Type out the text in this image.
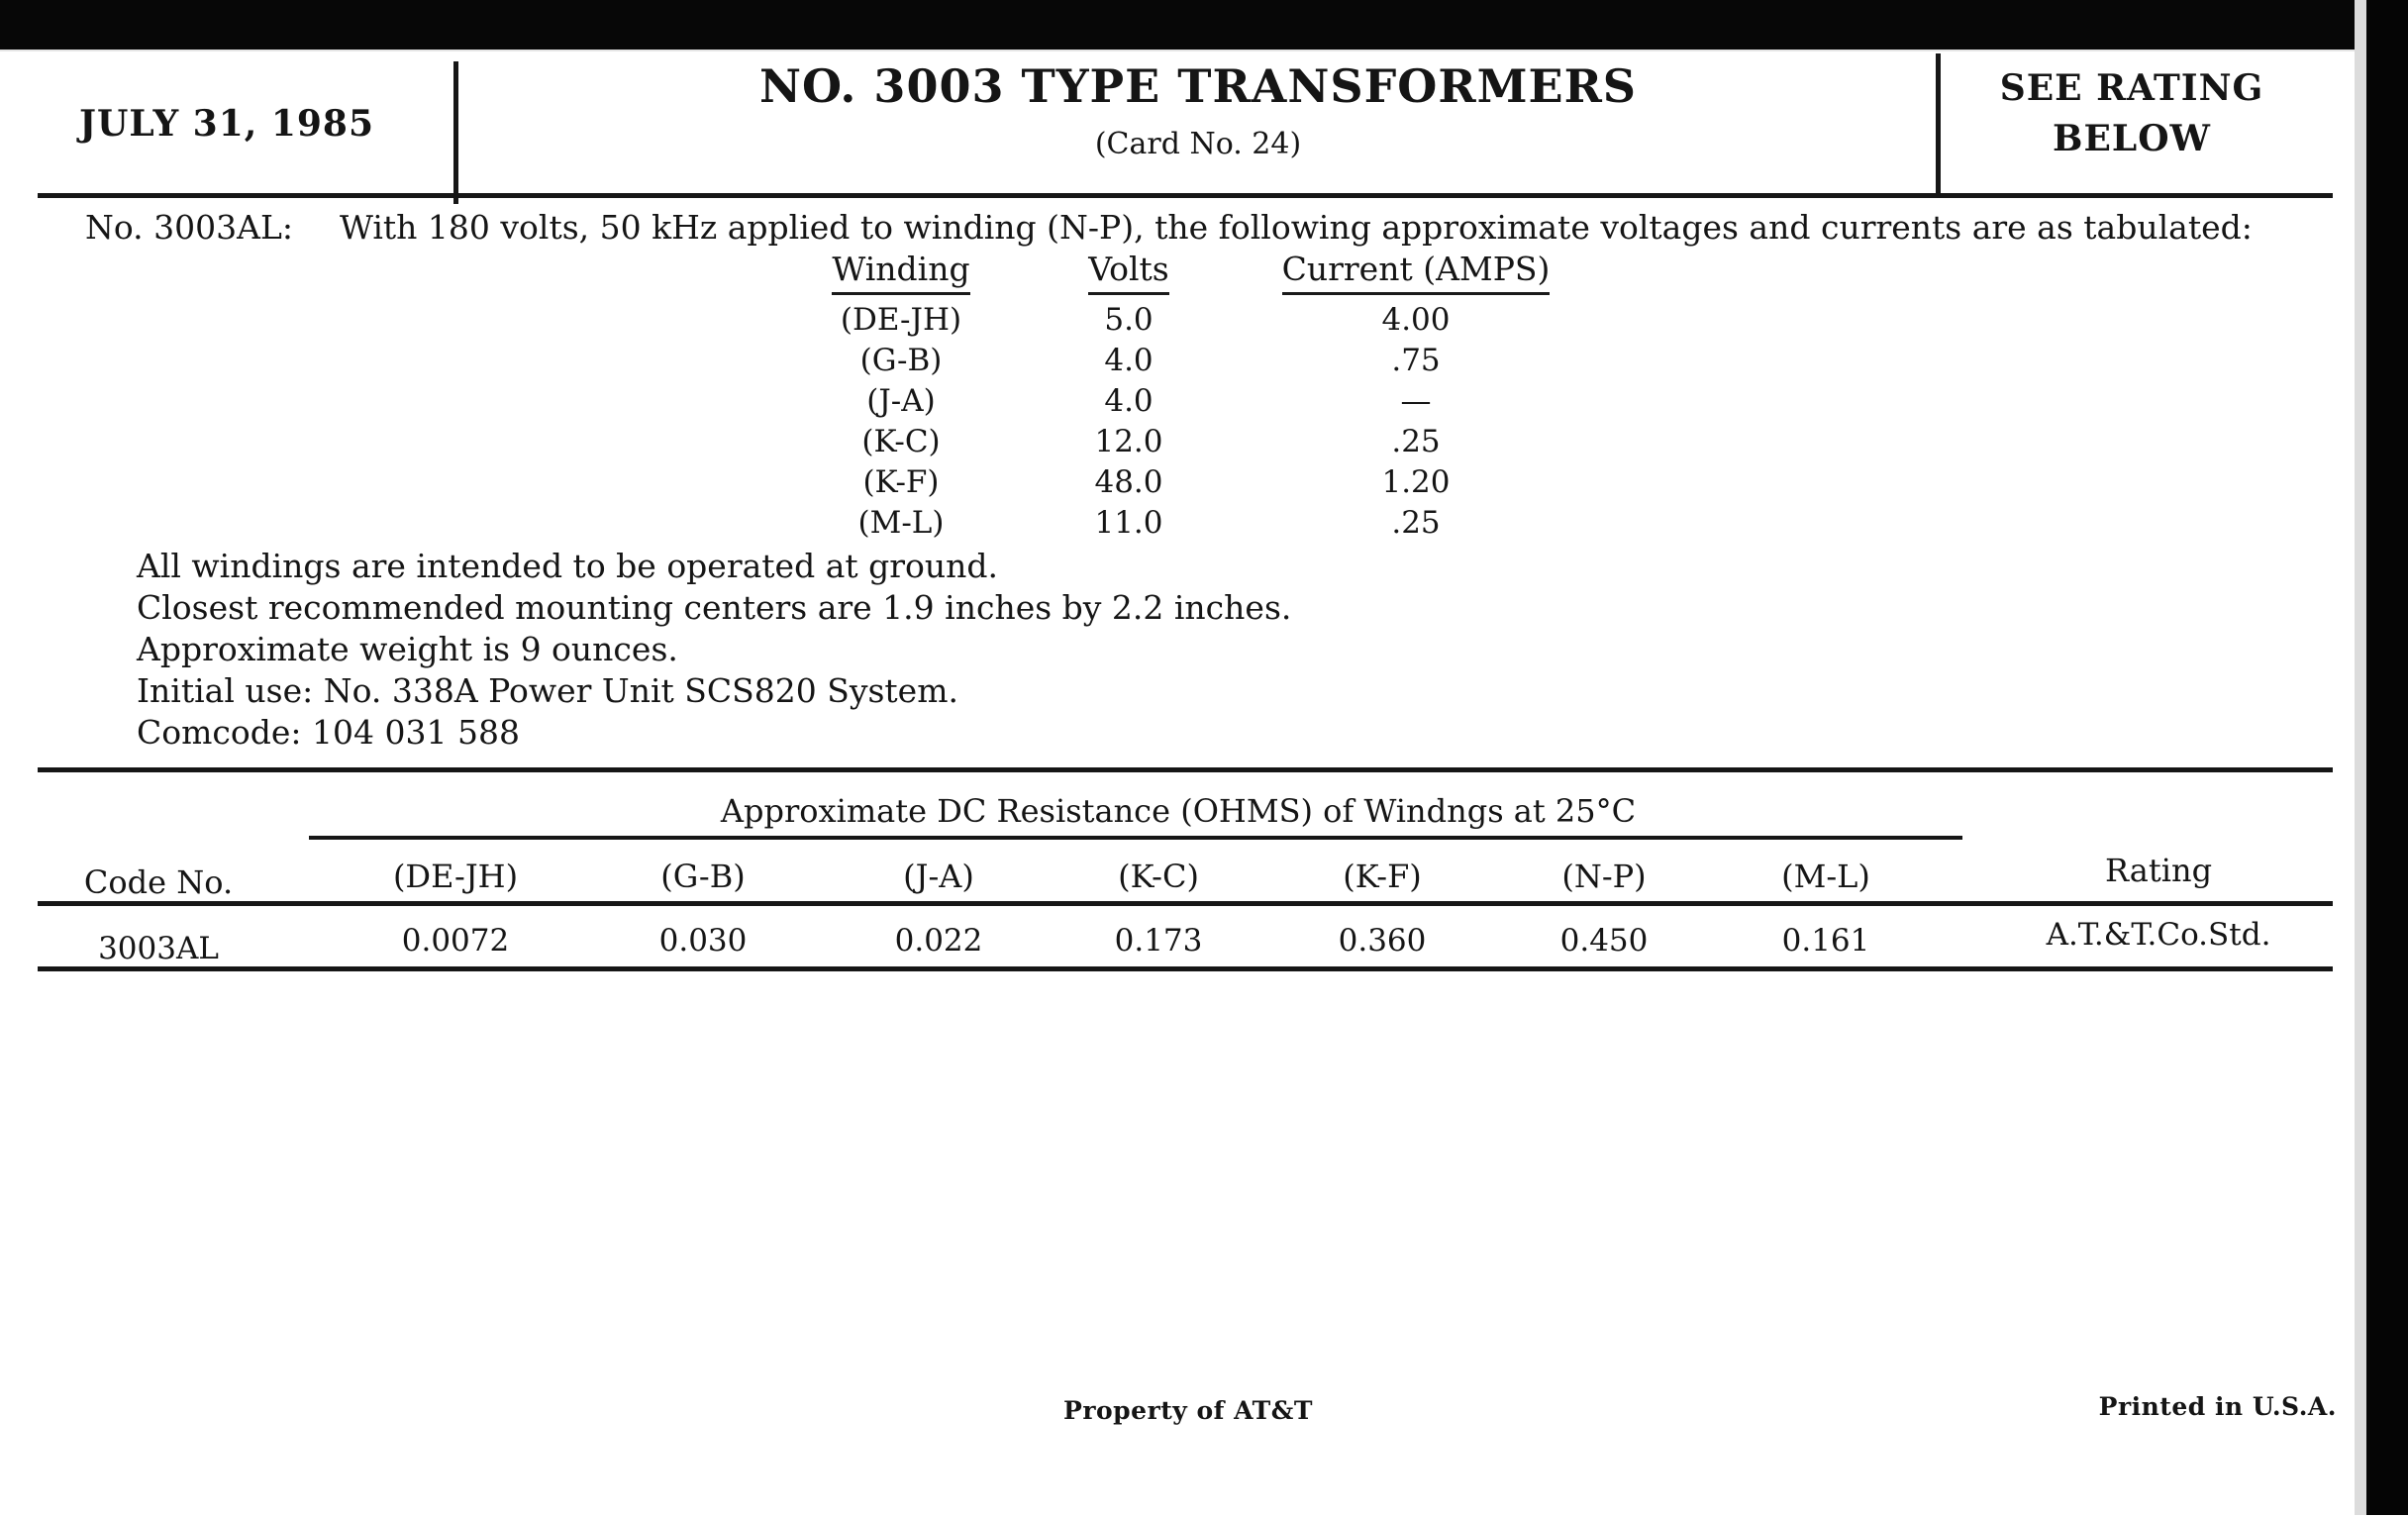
JULY 31, 1985
NO. 3003 TYPE TRANSFORMERS
(Card No. 24)
SEE RATING
BELOW
No. 3003AL: With 180 volts, 50 kHz applied to winding (N-P), the following approximate voltages and currents are as tabulated:
Winding	Volts	Current (AMPS)
(DE-JH)	5.0	4.00
(G-B)	4.0	.75
(J-A)	4.0	—
(K-C)	12.0	.25
(K-F)	48.0	1.20
(M-L)	11.0	.25
All windings are intended to be operated at ground.
Closest recommended mounting centers are 1.9 inches by 2.2 inches.
Approximate weight is 9 ounces.
Initial use: No. 338A Power Unit SCS820 System.
Comcode: 104 031 588
Approximate DC Resistance (OHMS) of Windngs at 25°C
Code No.	(DE-JH)	(G-B)	(J-A)	(K-C)	(K-F)	(N-P)	(M-L)	Rating
3003AL	0.0072	0.030	0.022	0.173	0.360	0.450	0.161	A.T.&T.Co.Std.
Property of AT&T	Printed in U.S.A.
